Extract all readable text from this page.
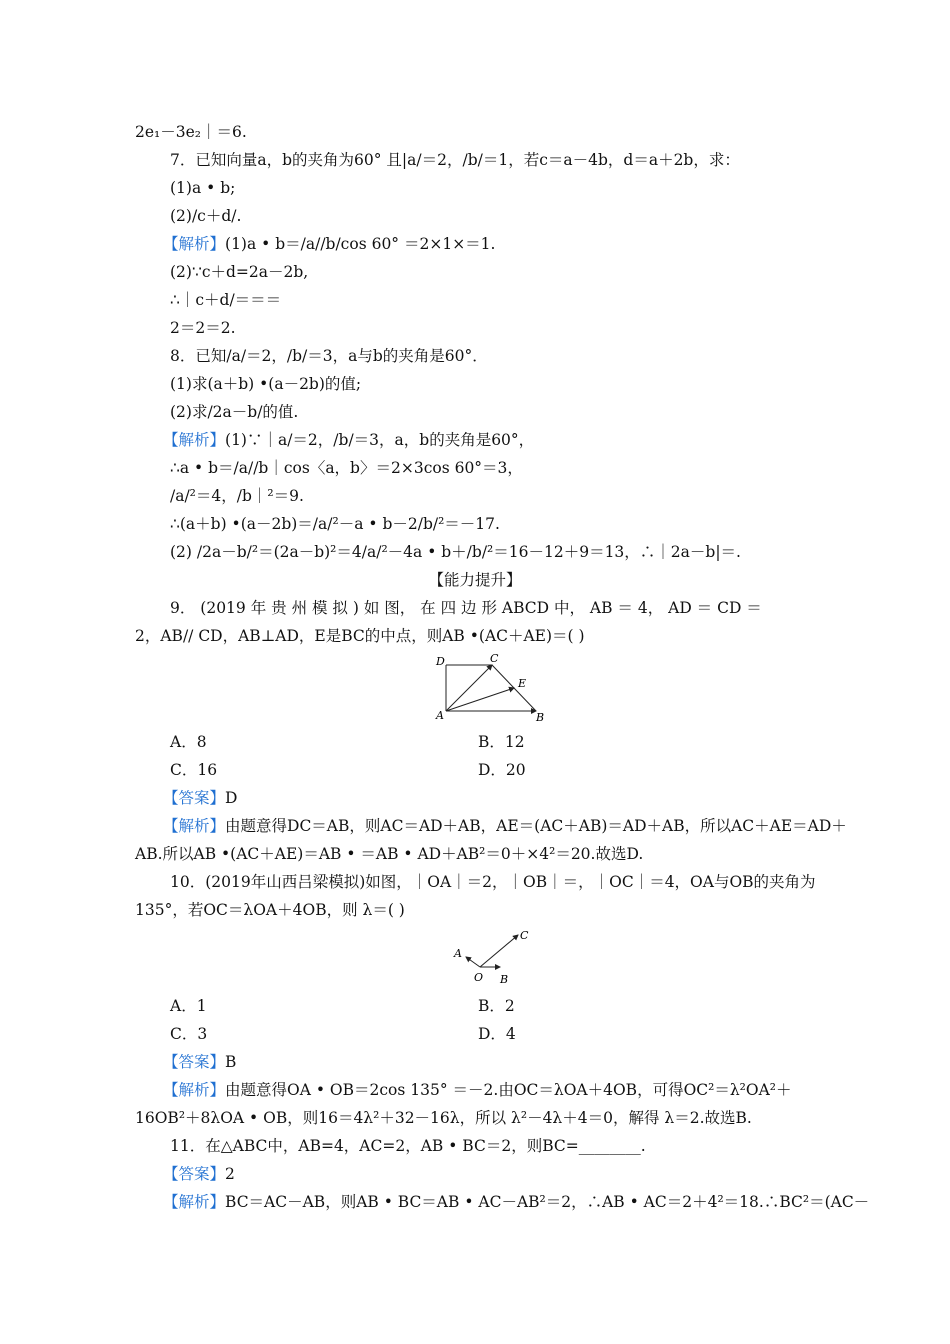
2e₁－3e₂｜＝6.
7．已知向量a，b的夹角为60° 且|a/＝2，/b/＝1，若c＝a－4b，d＝a＋2b，求：
(1)a • b;
(2)/c＋d/.
【解析】(1)a • b＝/a//b/cos 60° ＝2×1×＝1.
(2)∵c＋d=2a－2b,
∴｜c＋d/＝＝＝
2＝2＝2.
8．已知/a/＝2，/b/＝3，a与b的夹角是60°．
(1)求(a＋b) •(a－2b)的值;
(2)求/2a－b/的值.
【解析】(1)∵｜a/＝2，/b/＝3，a，b的夹角是60°，
∴a • b＝/a//b｜cos〈a，b〉＝2×3cos 60°＝3，
/a/²＝4，/b｜²＝9.
∴(a＋b) •(a－2b)＝/a/²－a • b－2/b/²＝－17.
(2) /2a－b/²＝(2a－b)²＝4/a/²－4a • b＋/b/²＝16－12＋9＝13，∴｜2a－b|＝.
【能力提升】
9． (2019 年 贵 州 模 拟 ) 如 图， 在 四 边 形 ABCD 中， AB ＝ 4， AD ＝ CD ＝
2，AB// CD，AB⊥AD，E是BC的中点，则AB •(AC＋AE)＝( )
D	C
E
A	B
A．8	B．12
C．16	D．20
【答案】D
【解析】由题意得DC＝AB，则AC＝AD＋AB，AE＝(AC＋AB)＝AD＋AB，所以AC＋AE＝AD＋
AB.所以AB •(AC＋AE)＝AB • ＝AB • AD＋AB²＝0＋×4²＝20.故选D.
10．(2019年山西吕梁模拟)如图，｜OA｜＝2，｜OB｜＝，｜OC｜＝4，OA与OB的夹角为
135°，若OC＝λOA＋4OB，则 λ＝( )
A
C
O B
A．1	B．2
C．3	D．4
【答案】B
【解析】由题意得OA • OB＝2cos 135° ＝－2.由OC＝λOA＋4OB，可得OC²＝λ²OA²＋
16OB²＋8λOA • OB，则16＝4λ²＋32－16λ，所以 λ²－4λ＋4＝0，解得 λ＝2.故选B.
11．在△ABC中，AB=4，AC=2，AB • BC＝2，则BC=________.
【答案】2
【解析】BC＝AC－AB，则AB • BC＝AB • AC－AB²＝2，∴AB • AC＝2＋4²＝18.∴BC²＝(AC－
